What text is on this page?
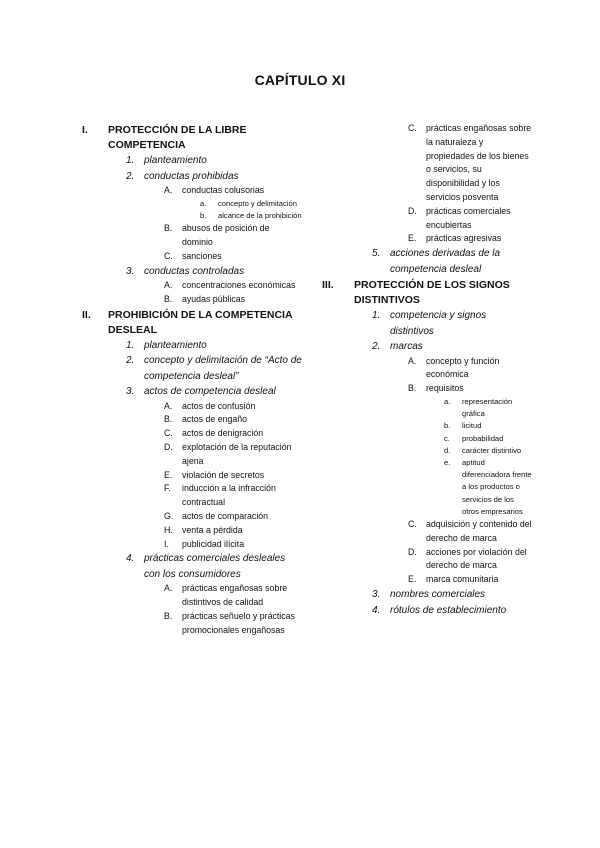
CAPÍTULO XI
I. PROTECCIÓN DE LA LIBRE COMPETENCIA
1. planteamiento
2. conductas prohibidas
A. conductas colusorias
a. concepto y delimitación
b. alcance de la prohibición
B. abusos de posición de dominio
C. sanciones
3. conductas controladas
A. concentraciones económicas
B. ayudas públicas
II. PROHIBICIÓN DE LA COMPETENCIA DESLEAL
1. planteamiento
2. concepto y delimitación de “Acto de competencia desleal”
3. actos de competencia desleal
A. actos de confusión
B. actos de engaño
C. actos de denigración
D. explotación de la reputación ajena
E. violación de secretos
F. inducción a la infracción contractual
G. actos de comparación
H. venta a pérdida
I. publicidad ilícita
4. prácticas comerciales desleales con los consumidores
A. prácticas engañosas sobre distintivos de calidad
B. prácticas señuelo y prácticas promocionales engañosas
C. prácticas engañosas sobre la naturaleza y propiedades de los bienes o servicios, su disponibilidad y los servicios posventa
D. prácticas comerciales encubiertas
E. prácticas agresivas
5. acciones derivadas de la competencia desleal
III. PROTECCIÓN DE LOS SIGNOS DISTINTIVOS
1. competencia y signos distintivos
2. marcas
A. concepto y función económica
B. requisitos
a. representación gráfica
b. licitud
c. probabilidad
d. carácter distintivo
e. aptitud diferenciadora frente a los productos o servicios de los otros empresarios
C. adquisición y contenido del derecho de marca
D. acciones por violación del derecho de marca
E. marca comunitaria
3. nombres comerciales
4. rótulos de establecimiento
